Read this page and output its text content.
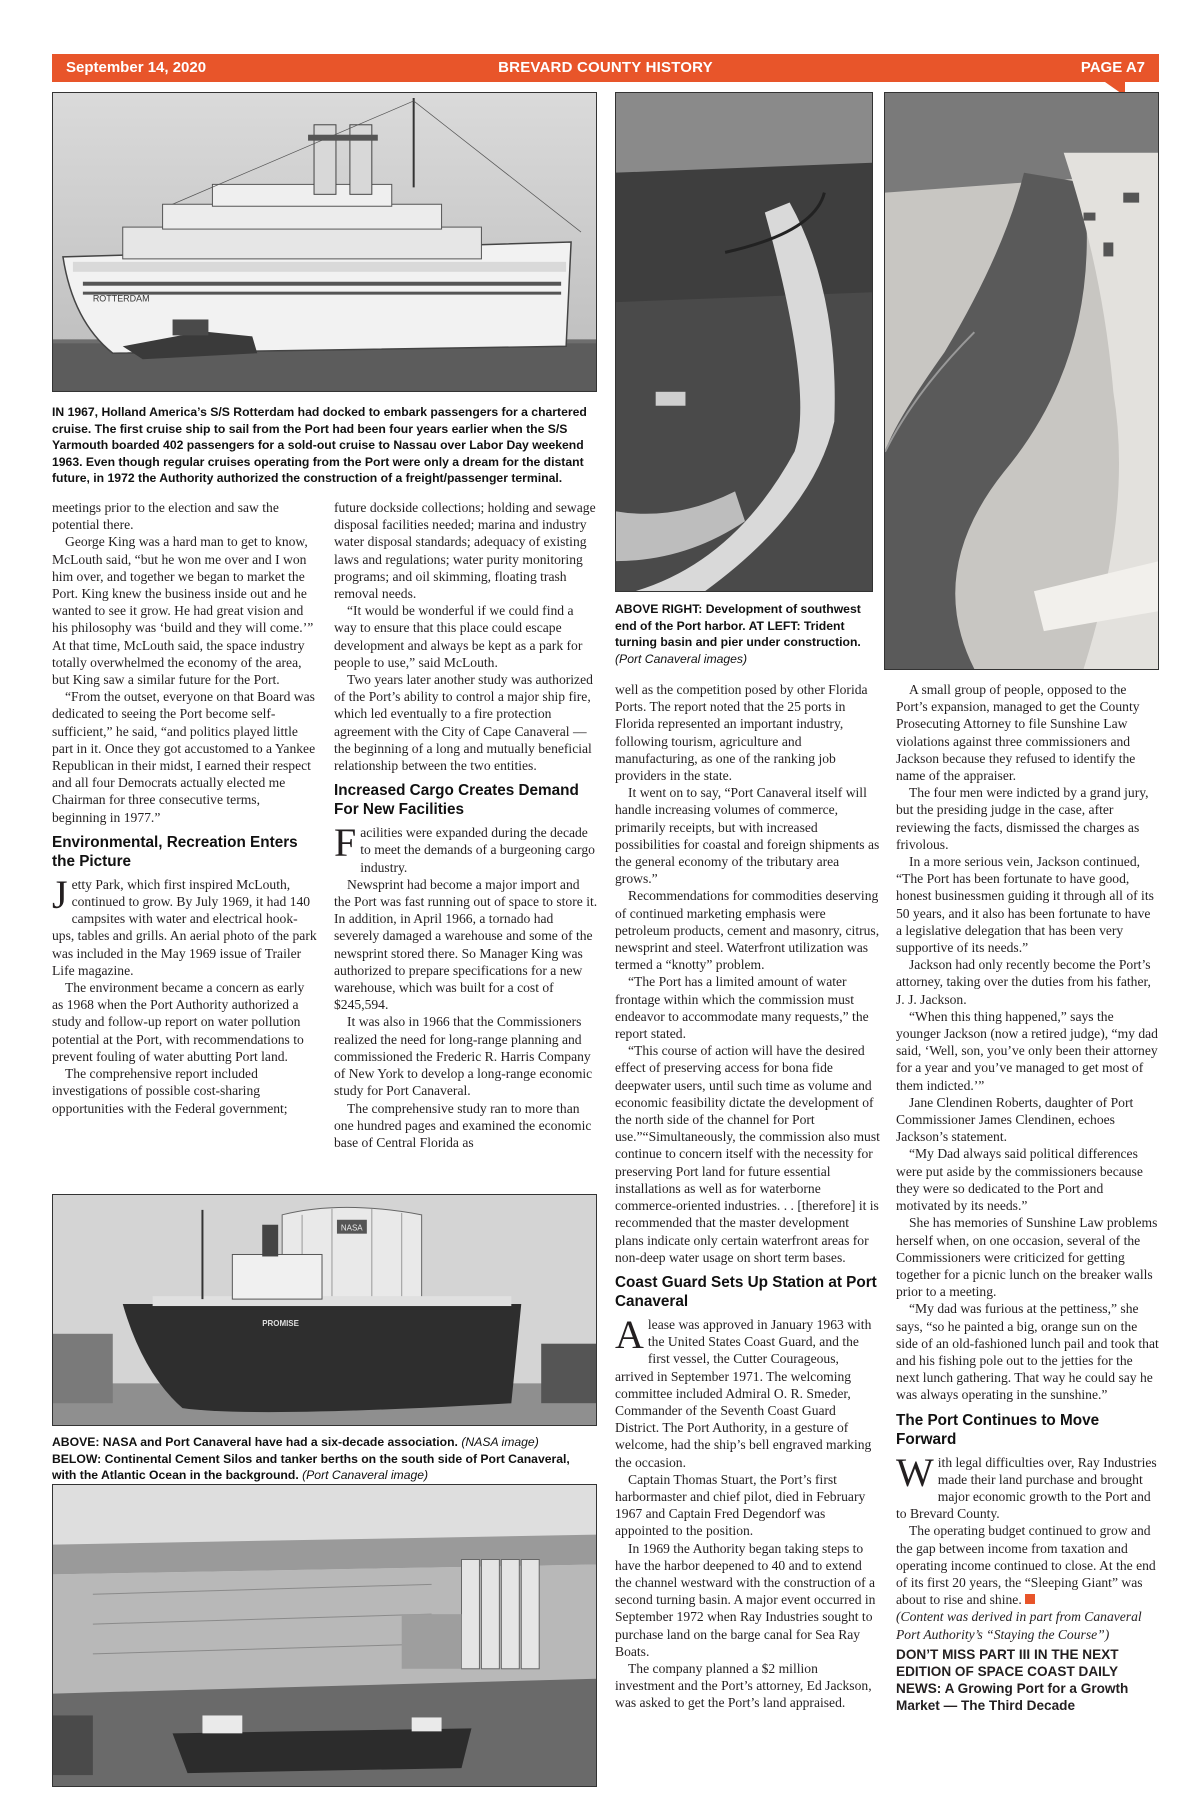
September 14, 2020	BREVARD COUNTY HISTORY	PAGE A7
ROTTERDAM
IN 1967, Holland America’s S/S Rotterdam had docked to embark passengers for a chartered cruise. The first cruise ship to sail from the Port had been four years earlier when the S/S Yarmouth boarded 402 passengers for a sold-out cruise to Nassau over Labor Day weekend 1963. Even though regular cruises operating from the Port were only a dream for the distant future, in 1972 the Authority authorized the construction of a freight/passenger terminal.
ABOVE RIGHT: Development of southwest end of the Port harbor. AT LEFT: Trident turning basin and pier under construction. (Port Canaveral images)

meetings prior to the election and saw the potential there.

George King was a hard man to get to know, McLouth said, “but he won me over and I won him over, and together we began to market the Port. King knew the business inside out and he wanted to see it grow. He had great vision and his philosophy was ‘build and they will come.’” At that time, McLouth said, the space industry totally overwhelmed the economy of the area, but King saw a similar future for the Port.

“From the outset, everyone on that Board was dedicated to seeing the Port become self-sufficient,” he said, “and politics played little part in it. Once they got accustomed to a Yankee Republican in their midst, I earned their respect and all four Democrats actually elected me Chairman for three consecutive terms, beginning in 1977.”

Environmental, Recreation Enters the Picture

Jetty Park, which first inspired McLouth, continued to grow. By July 1969, it had 140 campsites with water and electrical hook-ups, tables and grills. An aerial photo of the park was included in the May 1969 issue of Trailer Life magazine.

The environment became a concern as early as 1968 when the Port Authority authorized a study and follow-up report on water pollution potential at the Port, with recommendations to prevent fouling of water abutting Port land.

The comprehensive report included investigations of possible cost-sharing opportunities with the Federal government;

future dockside collections; holding and sewage disposal facilities needed; marina and industry water disposal standards; adequacy of existing laws and regulations; water purity monitoring programs; and oil skimming, floating trash removal needs.

“It would be wonderful if we could find a way to ensure that this place could escape development and always be kept as a park for people to use,” said McLouth.

Two years later another study was authorized of the Port’s ability to control a major ship fire, which led eventually to a fire protection agreement with the City of Cape Canaveral — the beginning of a long and mutually beneficial relationship between the two entities.

Increased Cargo Creates Demand For New Facilities

Facilities were expanded during the decade to meet the demands of a burgeoning cargo industry.

Newsprint had become a major import and the Port was fast running out of space to store it. In addition, in April 1966, a tornado had severely damaged a warehouse and some of the newsprint stored there. So Manager King was authorized to prepare specifications for a new warehouse, which was built for a cost of $245,594.

It was also in 1966 that the Commissioners realized the need for long-range planning and commissioned the Frederic R. Harris Company of New York to develop a long-range economic study for Port Canaveral.

The comprehensive study ran to more than one hundred pages and examined the economic base of Central Florida as

well as the competition posed by other Florida Ports. The report noted that the 25 ports in Florida represented an important industry, following tourism, agriculture and manufacturing, as one of the ranking job providers in the state.

It went on to say, “Port Canaveral itself will handle increasing volumes of commerce, primarily receipts, but with increased possibilities for coastal and foreign shipments as the general economy of the tributary area grows.”

Recommendations for commodities deserving of continued marketing emphasis were petroleum products, cement and masonry, citrus, newsprint and steel. Waterfront utilization was termed a “knotty” problem.

“The Port has a limited amount of water frontage within which the commission must endeavor to accommodate many requests,” the report stated.

“This course of action will have the desired effect of preserving access for bona fide deepwater users, until such time as volume and economic feasibility dictate the development of the north side of the channel for Port use.”“Simultaneously, the commission also must continue to concern itself with the necessity for preserving Port land for future essential installations as well as for waterborne commerce-oriented industries. . . [therefore] it is recommended that the master development plans indicate only certain waterfront areas for non-deep water usage on short term bases.

Coast Guard Sets Up Station at Port Canaveral

Alease was approved in January 1963 with the United States Coast Guard, and the first vessel, the Cutter Courageous, arrived in September 1971. The welcoming committee included Admiral O. R. Smeder, Commander of the Seventh Coast Guard District. The Port Authority, in a gesture of welcome, had the ship’s bell engraved marking the occasion.

Captain Thomas Stuart, the Port’s first harbormaster and chief pilot, died in February 1967 and Captain Fred Degendorf was appointed to the position.

In 1969 the Authority began taking steps to have the harbor deepened to 40 and to extend the channel westward with the construction of a second turning basin. A major event occurred in September 1972 when Ray Industries sought to purchase land on the barge canal for Sea Ray Boats.

The company planned a $2 million investment and the Port’s attorney, Ed Jackson, was asked to get the Port’s land appraised.

A small group of people, opposed to the Port’s expansion, managed to get the County Prosecuting Attorney to file Sunshine Law violations against three commissioners and Jackson because they refused to identify the name of the appraiser.

The four men were indicted by a grand jury, but the presiding judge in the case, after reviewing the facts, dismissed the charges as frivolous.

In a more serious vein, Jackson continued, “The Port has been fortunate to have good, honest businessmen guiding it through all of its 50 years, and it also has been fortunate to have a legislative delegation that has been very supportive of its needs.”

Jackson had only recently become the Port’s attorney, taking over the duties from his father, J. J. Jackson.

“When this thing happened,” says the younger Jackson (now a retired judge), “my dad said, ‘Well, son, you’ve only been their attorney for a year and you’ve managed to get most of them indicted.’”

Jane Clendinen Roberts, daughter of Port Commissioner James Clendinen, echoes Jackson’s statement.

“My Dad always said political differences were put aside by the commissioners because they were so dedicated to the Port and motivated by its needs.”

She has memories of Sunshine Law problems herself when, on one occasion, several of the Commissioners were criticized for getting together for a picnic lunch on the breaker walls prior to a meeting.

“My dad was furious at the pettiness,” she says, “so he painted a big, orange sun on the side of an old-fashioned lunch pail and took that and his fishing pole out to the jetties for the next lunch gathering. That way he could say he was always operating in the sunshine.”

The Port Continues to Move Forward

With legal difficulties over, Ray Industries made their land purchase and brought major economic growth to the Port and to Brevard County.

The operating budget continued to grow and the gap between income from taxation and operating income continued to close. At the end of its first 20 years, the “Sleeping Giant” was about to rise and shine.

(Content was derived in part from Canaveral Port Authority’s “Staying the Course”)

DON’T MISS PART III IN THE NEXT EDITION OF SPACE COAST DAILY NEWS: A Growing Port for a Growth Market — The Third Decade

NASA
PROMISE
ABOVE: NASA and Port Canaveral have had a six-decade association. (NASA image)
BELOW: Continental Cement Silos and tanker berths on the south side of Port Canaveral, with the Atlantic Ocean in the background. (Port Canaveral image)
